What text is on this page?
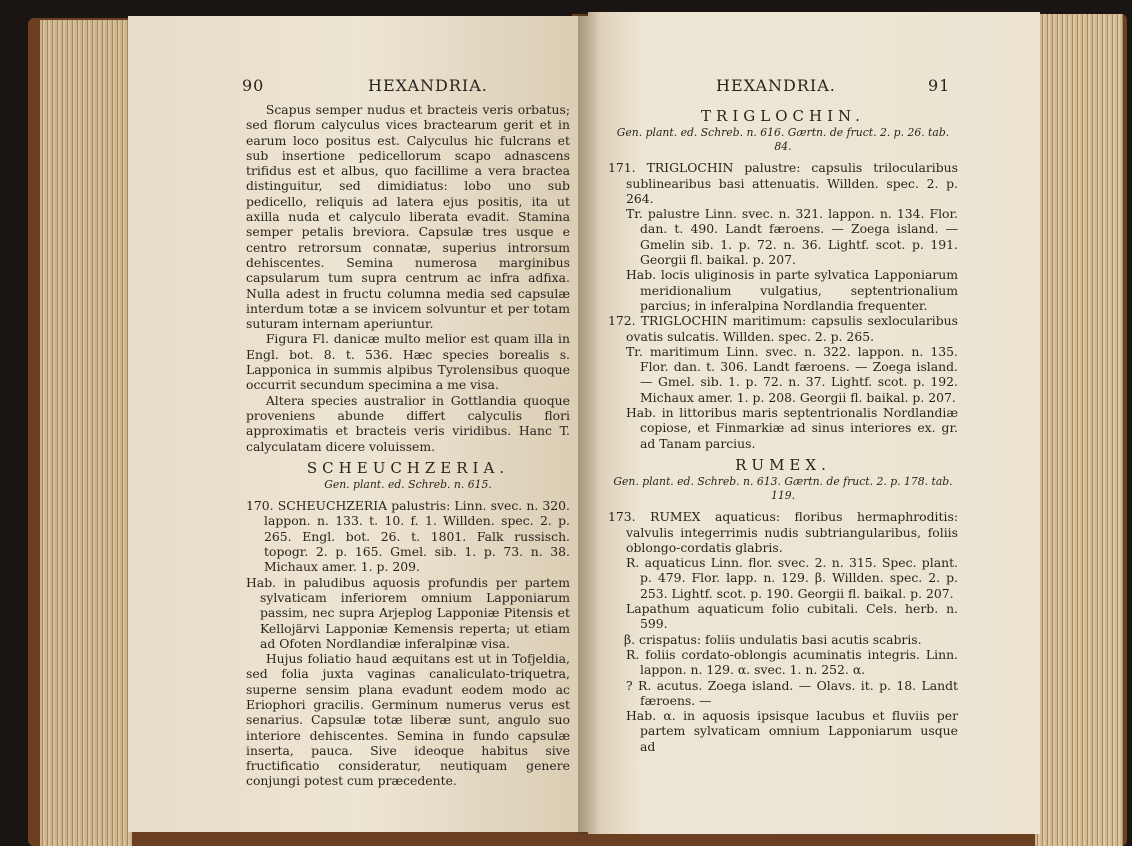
90	HEXANDRIA.

Scapus semper nudus et bracteis veris orbatus; sed florum calyculus vices bractearum gerit et in earum loco positus est. Calyculus hic fulcrans et sub insertione pedicellorum scapo adnascens trifidus est et albus, quo facillime a vera bractea distinguitur, sed dimidiatus: lobo uno sub pedicello, reliquis ad latera ejus positis, ita ut axilla nuda et calyculo liberata evadit. Stamina semper petalis breviora. Capsulæ tres usque e centro retrorsum connatæ, superius introrsum dehiscentes. Semina numerosa marginibus capsularum tum supra centrum ac infra adfixa. Nulla adest in fructu columna media sed capsulæ interdum totæ a se invicem solvuntur et per totam suturam internam aperiuntur.

Figura Fl. danicæ multo melior est quam illa in Engl. bot. 8. t. 536. Hæc species borealis s. Lapponica in summis alpibus Tyrolensibus quoque occurrit secundum specimina a me visa.

Altera species australior in Gottlandia quoque proveniens abunde differt calyculis flori approximatis et bracteis veris viridibus. Hanc T. calyculatam dicere voluissem.

SCHEUCHZERIA.
Gen. plant. ed. Schreb. n. 615.

170. SCHEUCHZERIA palustris: Linn. svec. n. 320. lappon. n. 133. t. 10. f. 1. Willden. spec. 2. p. 265. Engl. bot. 26. t. 1801. Falk russisch. topogr. 2. p. 165. Gmel. sib. 1. p. 73. n. 38. Michaux amer. 1. p. 209.

Hab. in paludibus aquosis profundis per partem sylvaticam inferiorem omnium Lapponiarum passim, nec supra Arjeplog Lapponiæ Pitensis et Kellojärvi Lapponiæ Kemensis reperta; ut etiam ad Ofoten Nordlandiæ inferalpinæ visa.

Hujus foliatio haud æquitans est ut in Tofjeldia, sed folia juxta vaginas canaliculato-triquetra, superne sensim plana evadunt eodem modo ac Eriophori gracilis. Germinum numerus verus est senarius. Capsulæ totæ liberæ sunt, angulo suo interiore dehiscentes. Semina in fundo capsulæ inserta, pauca. Sive ideoque habitus sive fructificatio consideratur, neutiquam genere conjungi potest cum præcedente.

HEXANDRIA.	91
TRIGLOCHIN.
Gen. plant. ed. Schreb. n. 616. Gærtn. de fruct. 2. p. 26. tab. 84.

171. TRIGLOCHIN palustre: capsulis trilocularibus sublinearibus basi attenuatis. Willden. spec. 2. p. 264.

Tr. palustre Linn. svec. n. 321. lappon. n. 134. Flor. dan. t. 490. Landt færoens. — Zoega island. — Gmelin sib. 1. p. 72. n. 36. Lightf. scot. p. 191. Georgii fl. baikal. p. 207.

Hab. locis uliginosis in parte sylvatica Lapponiarum meridionalium vulgatius, septentrionalium parcius; in inferalpina Nordlandia frequenter.

172. TRIGLOCHIN maritimum: capsulis sexlocularibus ovatis sulcatis. Willden. spec. 2. p. 265.

Tr. maritimum Linn. svec. n. 322. lappon. n. 135. Flor. dan. t. 306. Landt færoens. — Zoega island. — Gmel. sib. 1. p. 72. n. 37. Lightf. scot. p. 192. Michaux amer. 1. p. 208. Georgii fl. baikal. p. 207.

Hab. in littoribus maris septentrionalis Nordlandiæ copiose, et Finmarkiæ ad sinus interiores ex. gr. ad Tanam parcius.

RUMEX.
Gen. plant. ed. Schreb. n. 613. Gærtn. de fruct. 2. p. 178. tab. 119.

173. RUMEX aquaticus: floribus hermaphroditis: valvulis integerrimis nudis subtriangularibus, foliis oblongo-cordatis glabris.

R. aquaticus Linn. flor. svec. 2. n. 315. Spec. plant. p. 479. Flor. lapp. n. 129. β. Willden. spec. 2. p. 253. Lightf. scot. p. 190. Georgii fl. baikal. p. 207.

Lapathum aquaticum folio cubitali. Cels. herb. n. 599.

β. crispatus: foliis undulatis basi acutis scabris.

R. foliis cordato-oblongis acuminatis integris. Linn. lappon. n. 129. α. svec. 1. n. 252. α.

? R. acutus. Zoega island. — Olavs. it. p. 18. Landt færoens. —

Hab. α. in aquosis ipsisque lacubus et fluviis per partem sylvaticam omnium Lapponiarum usque ad
